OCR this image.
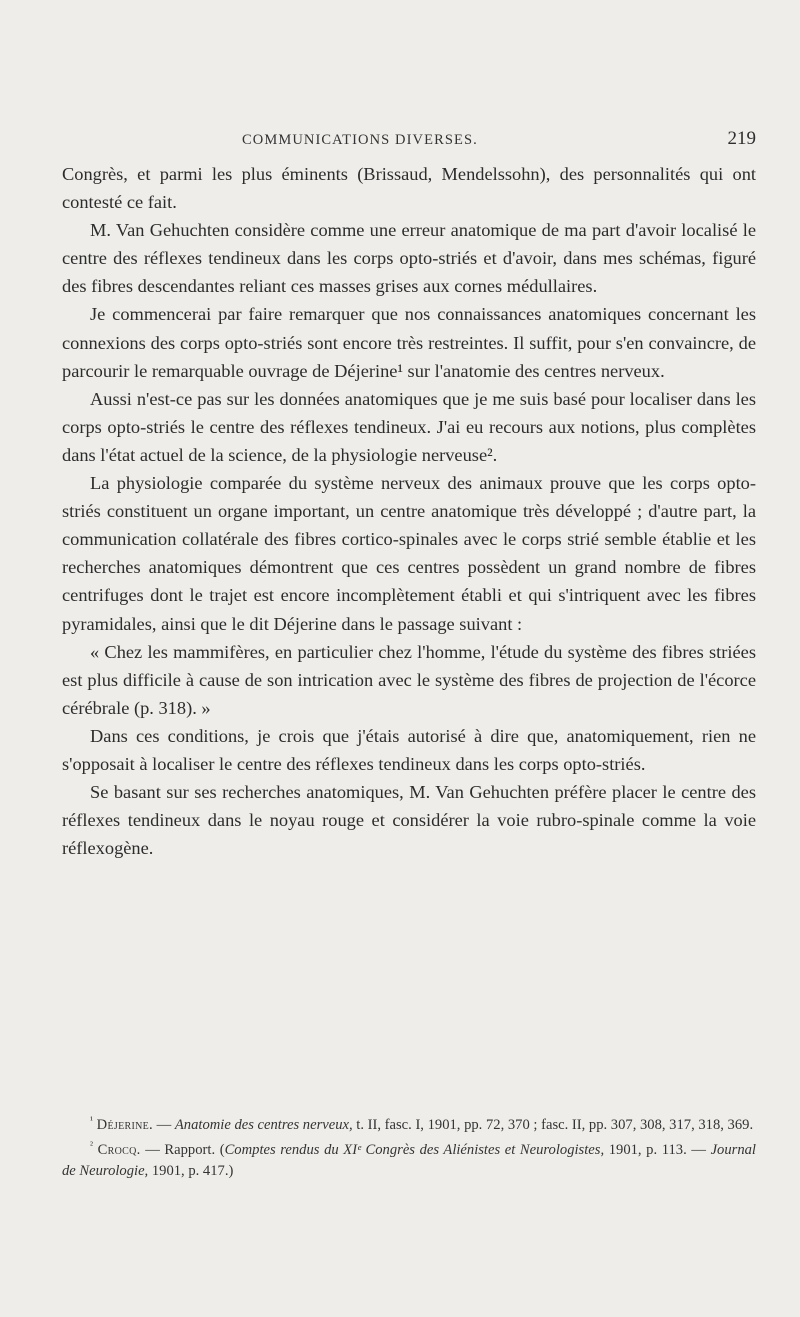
COMMUNICATIONS DIVERSES.	219

Congrès, et parmi les plus éminents (Brissaud, Mendelssohn), des personnalités qui ont contesté ce fait.

M. Van Gehuchten considère comme une erreur anatomique de ma part d'avoir localisé le centre des réflexes tendineux dans les corps opto-striés et d'avoir, dans mes schémas, figuré des fibres descendantes reliant ces masses grises aux cornes médullaires.

Je commencerai par faire remarquer que nos connaissances anatomiques concernant les connexions des corps opto-striés sont encore très restreintes. Il suffit, pour s'en convaincre, de parcourir le remarquable ouvrage de Déjerine¹ sur l'anatomie des centres nerveux.

Aussi n'est-ce pas sur les données anatomiques que je me suis basé pour localiser dans les corps opto-striés le centre des réflexes tendineux. J'ai eu recours aux notions, plus complètes dans l'état actuel de la science, de la physiologie nerveuse².

La physiologie comparée du système nerveux des animaux prouve que les corps opto-striés constituent un organe important, un centre anatomique très développé ; d'autre part, la communication collatérale des fibres cortico-spinales avec le corps strié semble établie et les recherches anatomiques démontrent que ces centres possèdent un grand nombre de fibres centrifuges dont le trajet est encore incomplètement établi et qui s'intriquent avec les fibres pyramidales, ainsi que le dit Déjerine dans le passage suivant :

« Chez les mammifères, en particulier chez l'homme, l'étude du système des fibres striées est plus difficile à cause de son intrication avec le système des fibres de projection de l'écorce cérébrale (p. 318). »

Dans ces conditions, je crois que j'étais autorisé à dire que, anatomiquement, rien ne s'opposait à localiser le centre des réflexes tendineux dans les corps opto-striés.

Se basant sur ses recherches anatomiques, M. Van Gehuchten préfère placer le centre des réflexes tendineux dans le noyau rouge et considérer la voie rubro-spinale comme la voie réflexogène.

$^{^1}$ Déjerine. — Anatomie des centres nerveux, t. II, fasc. I, 1901, pp. 72, 370 ; fasc. II, pp. 307, 308, 317, 318, 369.

$^{^2}$ Crocq. — Rapport. (Comptes rendus du XIᵉ Congrès des Aliénistes et Neurologistes, 1901, p. 113. — Journal de Neurologie, 1901, p. 417.)
